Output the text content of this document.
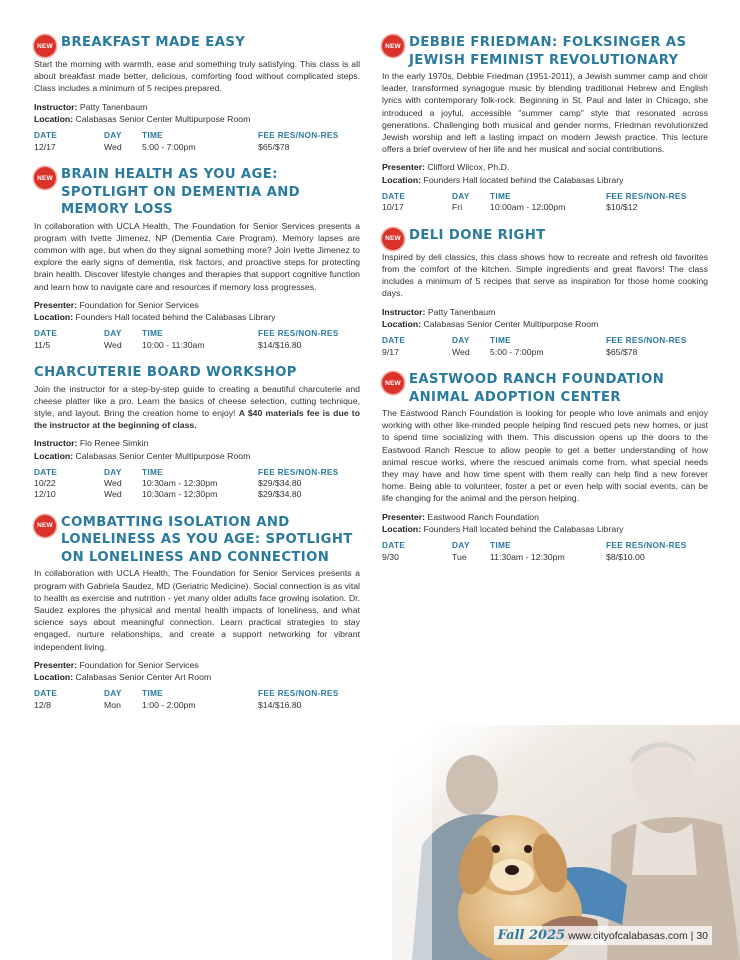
NEW BREAKFAST MADE EASY

Start the morning with warmth, ease and something truly satisfying. This class is all about breakfast made better, delicious, comforting food without complicated steps. Class includes a minimum of 5 recipes prepared.

Instructor: Patty Tanenbaum

Location: Calabasas Senior Center Multipurpose Room

DATE	DAY	TIME	FEE RES/NON-RES
12/17	Wed	5:00 - 7:00pm	$65/$78
NEW BRAIN HEALTH AS YOU AGE: SPOTLIGHT ON DEMENTIA AND MEMORY LOSS

In collaboration with UCLA Health, The Foundation for Senior Services presents a program with Ivette Jimenez, NP (Dementia Care Program). Memory lapses are common with age, but when do they signal something more? Join Ivette Jimenez to explore the early signs of dementia, risk factors, and proactive steps for protecting brain health. Discover lifestyle changes and therapies that support cognitive function and learn how to navigate care and resources if memory loss progresses.

Presenter: Foundation for Senior Services

Location: Founders Hall located behind the Calabasas Library

DATE	DAY	TIME	FEE RES/NON-RES
11/5	Wed	10:00 - 11:30am	$14/$16.80
CHARCUTERIE BOARD WORKSHOP

Join the instructor for a step-by-step guide to creating a beautiful charcuterie and cheese platter like a pro. Learn the basics of cheese selection, cutting technique, style, and layout. Bring the creation home to enjoy! A $40 materials fee is due to the instructor at the beginning of class.

Instructor: Flo Renee Simkin

Location: Calabasas Senior Center Multipurpose Room

DATE	DAY	TIME	FEE RES/NON-RES
10/22	Wed	10:30am - 12:30pm	$29/$34.80
12/10	Wed	10:30am - 12:30pm	$29/$34.80
NEW COMBATTING ISOLATION AND LONELINESS AS YOU AGE: SPOTLIGHT ON LONELINESS AND CONNECTION

In collaboration with UCLA Health, The Foundation for Senior Services presents a program with Gabriela Saudez, MD (Geriatric Medicine). Social connection is as vital to health as exercise and nutrition - yet many older adults face growing isolation. Dr. Saudez explores the physical and mental health impacts of loneliness, and what science says about meaningful connection. Learn practical strategies to stay engaged, nurture relationships, and create a support networking for vibrant independent living.

Presenter: Foundation for Senior Services

Location: Calabasas Senior Center Art Room

DATE	DAY	TIME	FEE RES/NON-RES
12/8	Mon	1:00 - 2:00pm	$14/$16.80
NEW DEBBIE FRIEDMAN: FOLKSINGER AS JEWISH FEMINIST REVOLUTIONARY

In the early 1970s, Debbie Friedman (1951-2011), a Jewish summer camp and choir leader, transformed synagogue music by blending traditional Hebrew and English lyrics with contemporary folk-rock. Beginning in St. Paul and later in Chicago, she introduced a joyful, accessible "summer camp" style that resonated across generations. Challenging both musical and gender norms, Friedman revolutionized Jewish worship and left a lasting impact on modern Jewish practice. This lecture offers a brief overview of her life and her musical and social contributions.

Presenter: Clifford Wilcox, Ph.D.

Location: Founders Hall located behind the Calabasas Library

DATE	DAY	TIME	FEE RES/NON-RES
10/17	Fri	10:00am - 12:00pm	$10/$12
NEW DELI DONE RIGHT

Inspired by deli classics, this class shows how to recreate and refresh old favorites from the comfort of the kitchen. Simple ingredients and great flavors! The class includes a minimum of 5 recipes that serve as inspiration for those home cooking days.

Instructor: Patty Tanenbaum

Location: Calabasas Senior Center Multipurpose Room

DATE	DAY	TIME	FEE RES/NON-RES
9/17	Wed	5:00 - 7:00pm	$65/$78
NEW EASTWOOD RANCH FOUNDATION ANIMAL ADOPTION CENTER

The Eastwood Ranch Foundation is looking for people who love animals and enjoy working with other like-minded people helping find rescued pets new homes, or just to spend time socializing with them. This discussion opens up the doors to the Eastwood Ranch Rescue to allow people to get a better understanding of how animal rescue works, where the rescued animals come from, what special needs they may have and how time spent with them really can help find a new forever home. Being able to volunteer, foster a pet or even help with social events, can be life changing for the animal and the person helping.

Presenter: Eastwood Ranch Foundation

Location: Founders Hall located behind the Calabasas Library

DATE	DAY	TIME	FEE RES/NON-RES
9/30	Tue	11:30am - 12:30pm	$8/$10.00
Fall 2025 www.cityofcalabasas.com | 30
